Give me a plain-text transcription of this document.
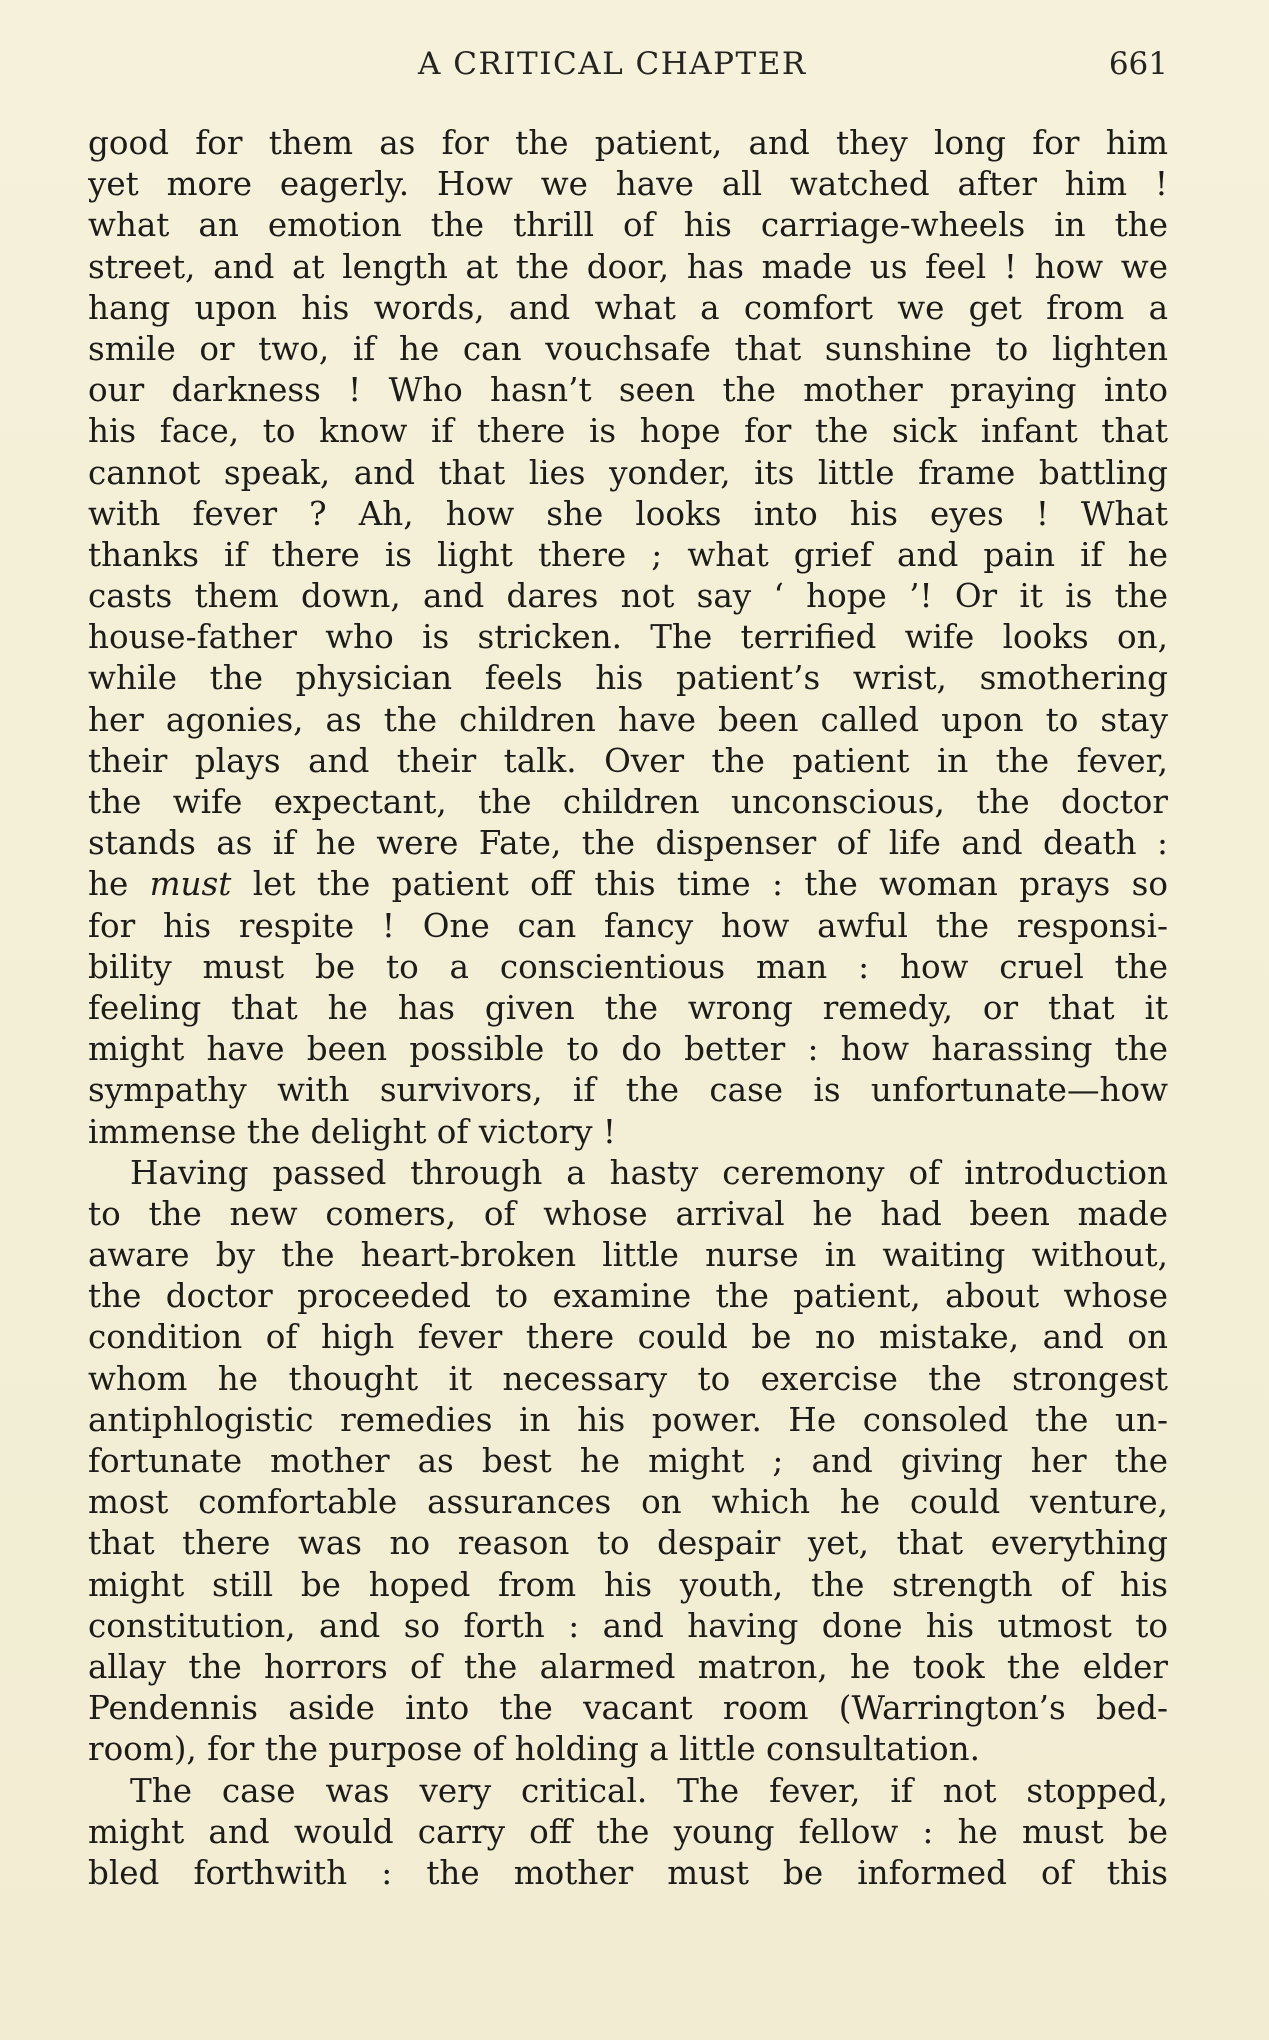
A CRITICAL CHAPTER	661
good for them as for the patient, and they long for him
yet more eagerly. How we have all watched after him !
what an emotion the thrill of his carriage-wheels in the
street, and at length at the door, has made us feel ! how we
hang upon his words, and what a comfort we get from a
smile or two, if he can vouchsafe that sunshine to lighten
our darkness ! Who hasn’t seen the mother praying into
his face, to know if there is hope for the sick infant that
cannot speak, and that lies yonder, its little frame battling
with fever ? Ah, how she looks into his eyes ! What
thanks if there is light there ; what grief and pain if he
casts them down, and dares not say ‘ hope ’! Or it is the
house-father who is stricken. The terrified wife looks on,
while the physician feels his patient’s wrist, smothering
her agonies, as the children have been called upon to stay
their plays and their talk. Over the patient in the fever,
the wife expectant, the children unconscious, the doctor
stands as if he were Fate, the dispenser of life and death :
he must let the patient off this time : the woman prays so
for his respite ! One can fancy how awful the responsi-
bility must be to a conscientious man : how cruel the
feeling that he has given the wrong remedy, or that it
might have been possible to do better : how harassing the
sympathy with survivors, if the case is unfortunate—how
immense the delight of victory !
Having passed through a hasty ceremony of introduction
to the new comers, of whose arrival he had been made
aware by the heart-broken little nurse in waiting without,
the doctor proceeded to examine the patient, about whose
condition of high fever there could be no mistake, and on
whom he thought it necessary to exercise the strongest
antiphlogistic remedies in his power. He consoled the un-
fortunate mother as best he might ; and giving her the
most comfortable assurances on which he could venture,
that there was no reason to despair yet, that everything
might still be hoped from his youth, the strength of his
constitution, and so forth : and having done his utmost to
allay the horrors of the alarmed matron, he took the elder
Pendennis aside into the vacant room (Warrington’s bed-
room), for the purpose of holding a little consultation.
The case was very critical. The fever, if not stopped,
might and would carry off the young fellow : he must be
bled forthwith : the mother must be informed of this
